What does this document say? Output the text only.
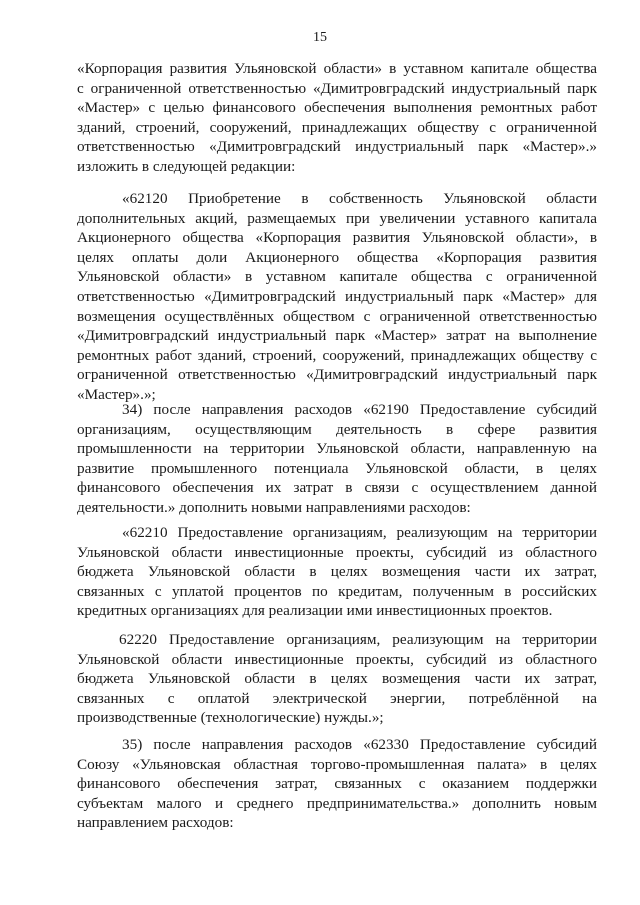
15
«Корпорация развития Ульяновской области» в уставном капитале общества
с ограниченной ответственностью «Димитровградский индустриальный парк
«Мастер» с целью финансового обеспечения выполнения ремонтных работ
зданий, строений, сооружений, принадлежащих обществу с ограниченной
ответственностью «Димитровградский индустриальный парк «Мастер».»
изложить в следующей редакции:
«62120 Приобретение в собственность Ульяновской области
дополнительных акций, размещаемых при увеличении уставного капитала
Акционерного общества «Корпорация развития Ульяновской области», в
целях оплаты доли Акционерного общества «Корпорация развития
Ульяновской области» в уставном капитале общества с ограниченной
ответственностью «Димитровградский индустриальный парк «Мастер» для
возмещения осуществлённых обществом с ограниченной ответственностью
«Димитровградский индустриальный парк «Мастер» затрат на выполнение
ремонтных работ зданий, строений, сооружений, принадлежащих обществу с
ограниченной ответственностью «Димитровградский индустриальный парк
«Мастер».»;
34) после направления расходов «62190 Предоставление субсидий
организациям, осуществляющим деятельность в сфере развития
промышленности на территории Ульяновской области, направленную на
развитие промышленного потенциала Ульяновской области, в целях
финансового обеспечения их затрат в связи с осуществлением данной
деятельности.» дополнить новыми направлениями расходов:
«62210 Предоставление организациям, реализующим на территории
Ульяновской области инвестиционные проекты, субсидий из областного
бюджета Ульяновской области в целях возмещения части их затрат,
связанных с уплатой процентов по кредитам, полученным в российских
кредитных организациях для реализации ими инвестиционных проектов.
62220 Предоставление организациям, реализующим на территории
Ульяновской области инвестиционные проекты, субсидий из областного
бюджета Ульяновской области в целях возмещения части их затрат,
связанных с оплатой электрической энергии, потреблённой на
производственные (технологические) нужды.»;
35) после направления расходов «62330 Предоставление субсидий
Союзу «Ульяновская областная торгово-промышленная палата» в целях
финансового обеспечения затрат, связанных с оказанием поддержки
субъектам малого и среднего предпринимательства.» дополнить новым
направлением расходов:
